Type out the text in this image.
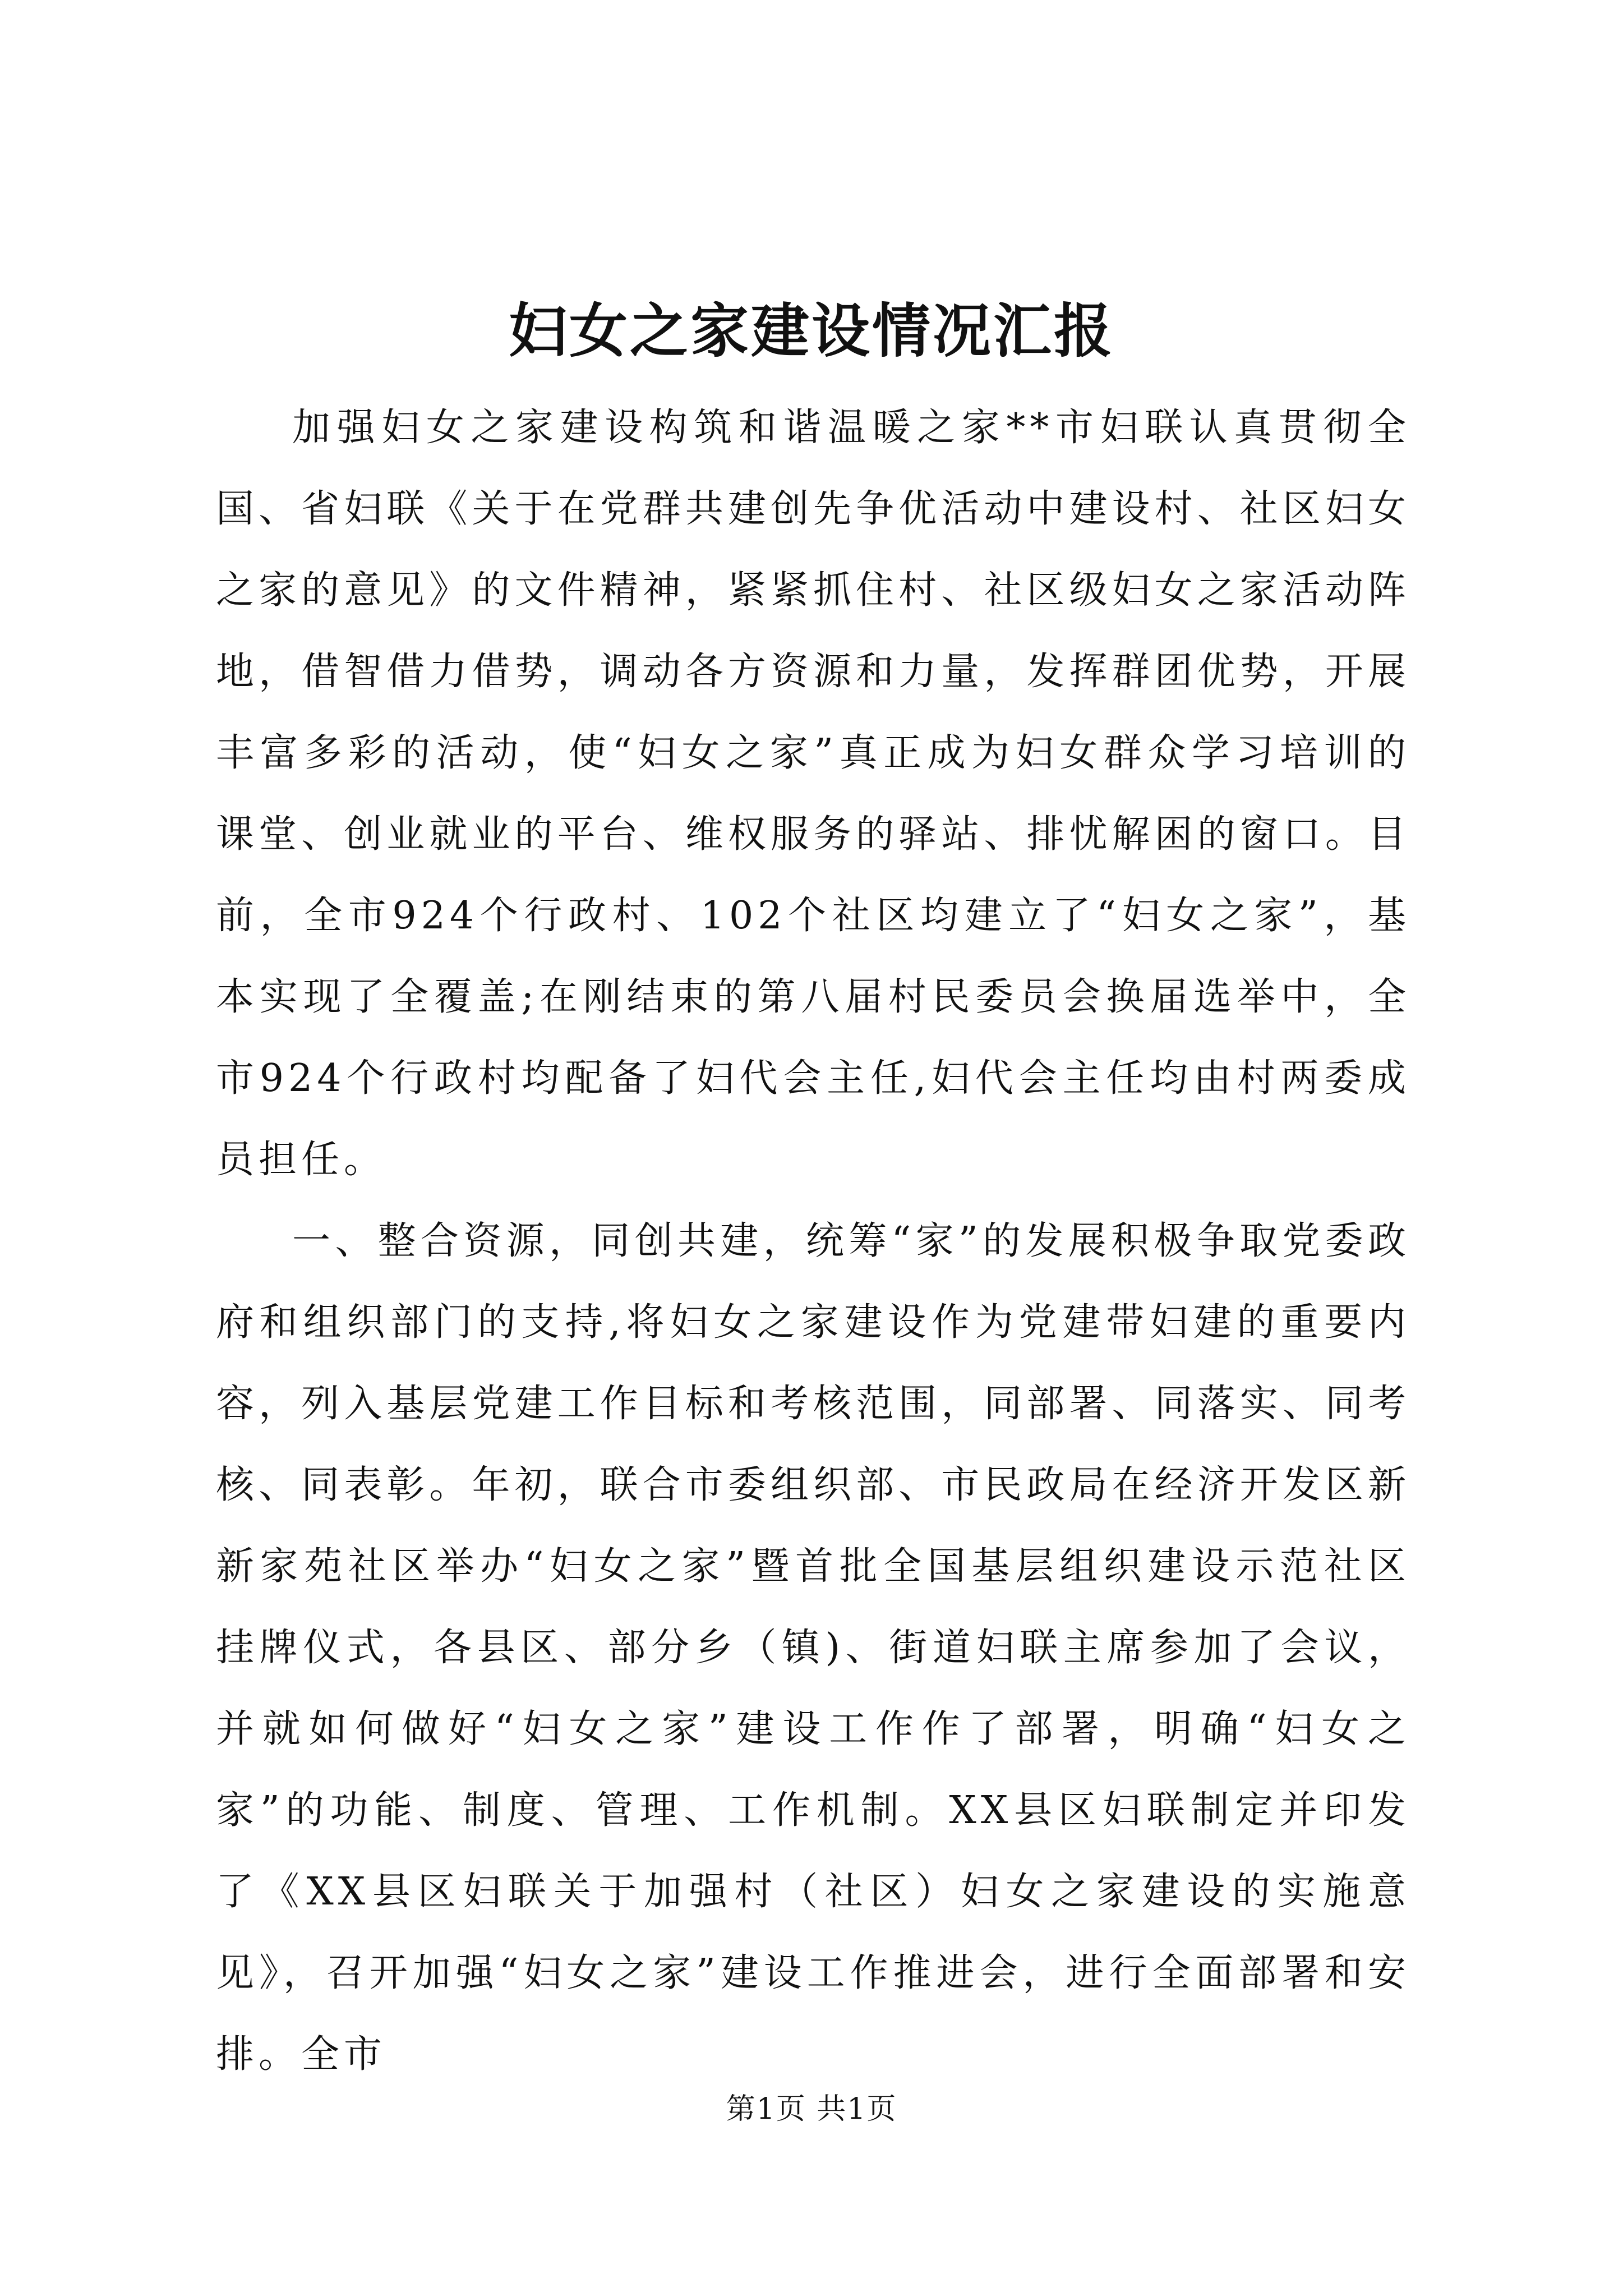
妇女之家建设情况汇报

加强妇女之家建设构筑和谐温暖之家**市妇联认真贯彻全国、省妇联《关于在党群共建创先争优活动中建设村、社区妇女之家的意见》的文件精神，紧紧抓住村、社区级妇女之家活动阵地，借智借力借势，调动各方资源和力量，发挥群团优势，开展丰富多彩的活动，使“妇女之家”真正成为妇女群众学习培训的课堂、创业就业的平台、维权服务的驿站、排忧解困的窗口。目前，全市924个行政村、102个社区均建立了“妇女之家”，基本实现了全覆盖;在刚结束的第八届村民委员会换届选举中，全市924个行政村均配备了妇代会主任,妇代会主任均由村两委成员担任。

一、整合资源，同创共建，统筹“家”的发展积极争取党委政府和组织部门的支持,将妇女之家建设作为党建带妇建的重要内容，列入基层党建工作目标和考核范围，同部署、同落实、同考核、同表彰。年初，联合市委组织部、市民政局在经济开发区新新家苑社区举办“妇女之家”暨首批全国基层组织建设示范社区挂牌仪式，各县区、部分乡（镇)、街道妇联主席参加了会议，并就如何做好“妇女之家”建设工作作了部署，明确“妇女之家”的功能、制度、管理、工作机制。XX县区妇联制定并印发了《XX县区妇联关于加强村（社区）妇女之家建设的实施意见》，召开加强“妇女之家”建设工作推进会，进行全面部署和安排。全市

第1页 共1页
